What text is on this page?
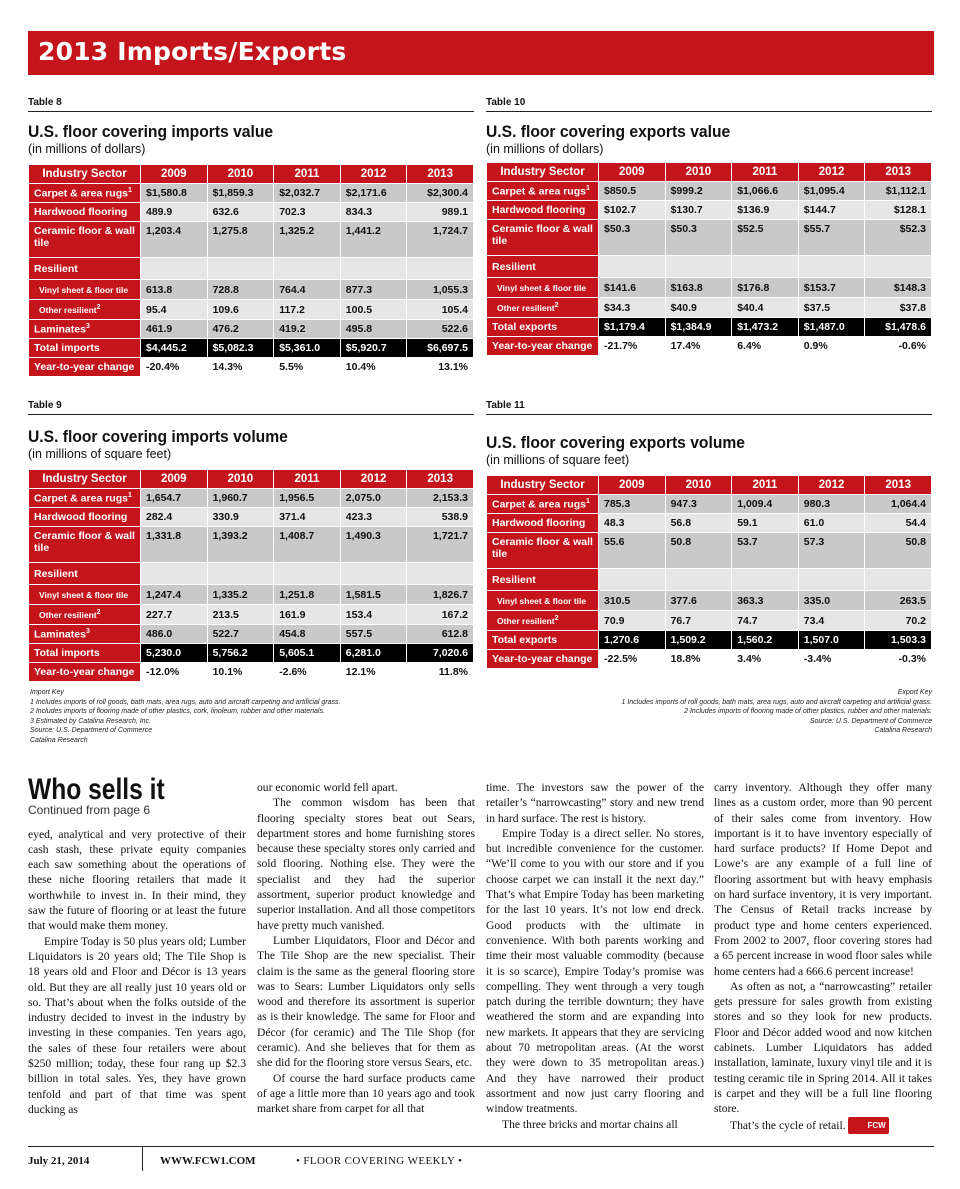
2013 Imports/Exports
Table 8
U.S. floor covering imports value
(in millions of dollars)
Industry Sector	2009	2010	2011	2012	2013
Carpet & area rugs$^1$	$1,580.8	$1,859.3	$2,032.7	$2,171.6	$2,300.4
Hardwood flooring	489.9	632.6	702.3	834.3	989.1
Ceramic floor & wall tile	1,203.4	1,275.8	1,325.2	1,441.2	1,724.7
Resilient					
Vinyl sheet & floor tile	613.8	728.8	764.4	877.3	1,055.3
Other resilient$^2$	95.4	109.6	117.2	100.5	105.4
Laminates$^3$	461.9	476.2	419.2	495.8	522.6
Total imports	$4,445.2	$5,082.3	$5,361.0	$5,920.7	$6,697.5
Year-to-year change	-20.4%	14.3%	5.5%	10.4%	13.1%
Table 10
U.S. floor covering exports value
(in millions of dollars)
Industry Sector	2009	2010	2011	2012	2013
Carpet & area rugs$^1$	$850.5	$999.2	$1,066.6	$1,095.4	$1,112.1
Hardwood flooring	$102.7	$130.7	$136.9	$144.7	$128.1
Ceramic floor & wall tile	$50.3	$50.3	$52.5	$55.7	$52.3
Resilient					
Vinyl sheet & floor tile	$141.6	$163.8	$176.8	$153.7	$148.3
Other resilient$^2$	$34.3	$40.9	$40.4	$37.5	$37.8
Total exports	$1,179.4	$1,384.9	$1,473.2	$1,487.0	$1,478.6
Year-to-year change	-21.7%	17.4%	6.4%	0.9%	-0.6%
Table 9
U.S. floor covering imports volume
(in millions of square feet)
Industry Sector	2009	2010	2011	2012	2013
Carpet & area rugs$^1$	1,654.7	1,960.7	1,956.5	2,075.0	2,153.3
Hardwood flooring	282.4	330.9	371.4	423.3	538.9
Ceramic floor & wall tile	1,331.8	1,393.2	1,408.7	1,490.3	1,721.7
Resilient					
Vinyl sheet & floor tile	1,247.4	1,335.2	1,251.8	1,581.5	1,826.7
Other resilient$^2$	227.7	213.5	161.9	153.4	167.2
Laminates$^3$	486.0	522.7	454.8	557.5	612.8
Total imports	5,230.0	5,756.2	5,605.1	6,281.0	7,020.6
Year-to-year change	-12.0%	10.1%	-2.6%	12.1%	11.8%
Table 11
U.S. floor covering exports volume
(in millions of square feet)
Industry Sector	2009	2010	2011	2012	2013
Carpet & area rugs$^1$	785.3	947.3	1,009.4	980.3	1,064.4
Hardwood flooring	48.3	56.8	59.1	61.0	54.4
Ceramic floor & wall tile	55.6	50.8	53.7	57.3	50.8
Resilient					
Vinyl sheet & floor tile	310.5	377.6	363.3	335.0	263.5
Other resilient$^2$	70.9	76.7	74.7	73.4	70.2
Total exports	1,270.6	1,509.2	1,560.2	1,507.0	1,503.3
Year-to-year change	-22.5%	18.8%	3.4%	-3.4%	-0.3%
Import Key
1 Includes imports of roll goods, bath mats, area rugs, auto and aircraft carpeting and artificial grass.
2 Includes imports of flooring made of other plastics, cork, linoleum, rubber and other materials.
3 Estimated by Catalina Research, Inc.
Source: U.S. Department of Commerce
Catalina Research
Export Key
1 Includes imports of roll goods, bath mats, area rugs, auto and aircraft carpeting and artificial grass.
2 Includes imports of flooring made of other plastics, rubber and other materials.
Source: U.S. Department of Commerce
Catalina Research
Who sells it
Continued from page 6

eyed, analytical and very protective of their cash stash, these private equity companies each saw something about the operations of these niche flooring retailers that made it worthwhile to invest in. In their mind, they saw the future of flooring or at least the future that would make them money.

Empire Today is 50 plus years old; Lumber Liquidators is 20 years old; The Tile Shop is 18 years old and Floor and Décor is 13 years old. But they are all really just 10 years old or so. That’s about when the folks outside of the industry decided to invest in the industry by investing in these companies. Ten years ago, the sales of these four retailers were about $250 million; today, these four rang up $2.3 billion in total sales. Yes, they have grown tenfold and part of that time was spent ducking as

our economic world fell apart.

The common wisdom has been that flooring specialty stores beat out Sears, department stores and home furnishing stores because these specialty stores only carried and sold flooring. Nothing else. They were the specialist and they had the superior assortment, superior product knowledge and superior installation. And all those competitors have pretty much vanished.

Lumber Liquidators, Floor and Décor and The Tile Shop are the new specialist. Their claim is the same as the general flooring store was to Sears: Lumber Liquidators only sells wood and therefore its assortment is superior as is their knowledge. The same for Floor and Décor (for ceramic) and The Tile Shop (for ceramic). And she believes that for them as she did for the flooring store versus Sears, etc.

Of course the hard surface products came of age a little more than 10 years ago and took market share from carpet for all that

time. The investors saw the power of the retailer’s “narrowcasting” story and new trend in hard surface. The rest is history.

Empire Today is a direct seller. No stores, but incredible convenience for the customer. “We’ll come to you with our store and if you choose carpet we can install it the next day.” That’s what Empire Today has been marketing for the last 10 years. It’s not low end dreck. Good products with the ultimate in convenience. With both parents working and time their most valuable commodity (because it is so scarce), Empire Today’s promise was compelling. They went through a very tough patch during the terrible downturn; they have weathered the storm and are expanding into new markets. It appears that they are servicing about 70 metropolitan areas. (At the worst they were down to 35 metropolitan areas.) And they have narrowed their product assortment and now just carry flooring and window treatments.

The three bricks and mortar chains all

carry inventory. Although they offer many lines as a custom order, more than 90 percent of their sales come from inventory. How important is it to have inventory especially of hard surface products? If Home Depot and Lowe’s are any example of a full line of flooring assortment but with heavy emphasis on hard surface inventory, it is very important. The Census of Retail tracks increase by product type and home centers experienced. From 2002 to 2007, floor covering stores had a 65 percent increase in wood floor sales while home centers had a 666.6 percent increase!

As often as not, a “narrowcasting” retailer gets pressure for sales growth from existing stores and so they look for new products. Floor and Décor added wood and now kitchen cabinets. Lumber Liquidators has added installation, laminate, luxury vinyl tile and it is testing ceramic tile in Spring 2014. All it takes is carpet and they will be a full line flooring store.

That’s the cycle of retail.	FCW

July 21, 2014	WWW.FCW1.COM	• FLOOR COVERING WEEKLY •
